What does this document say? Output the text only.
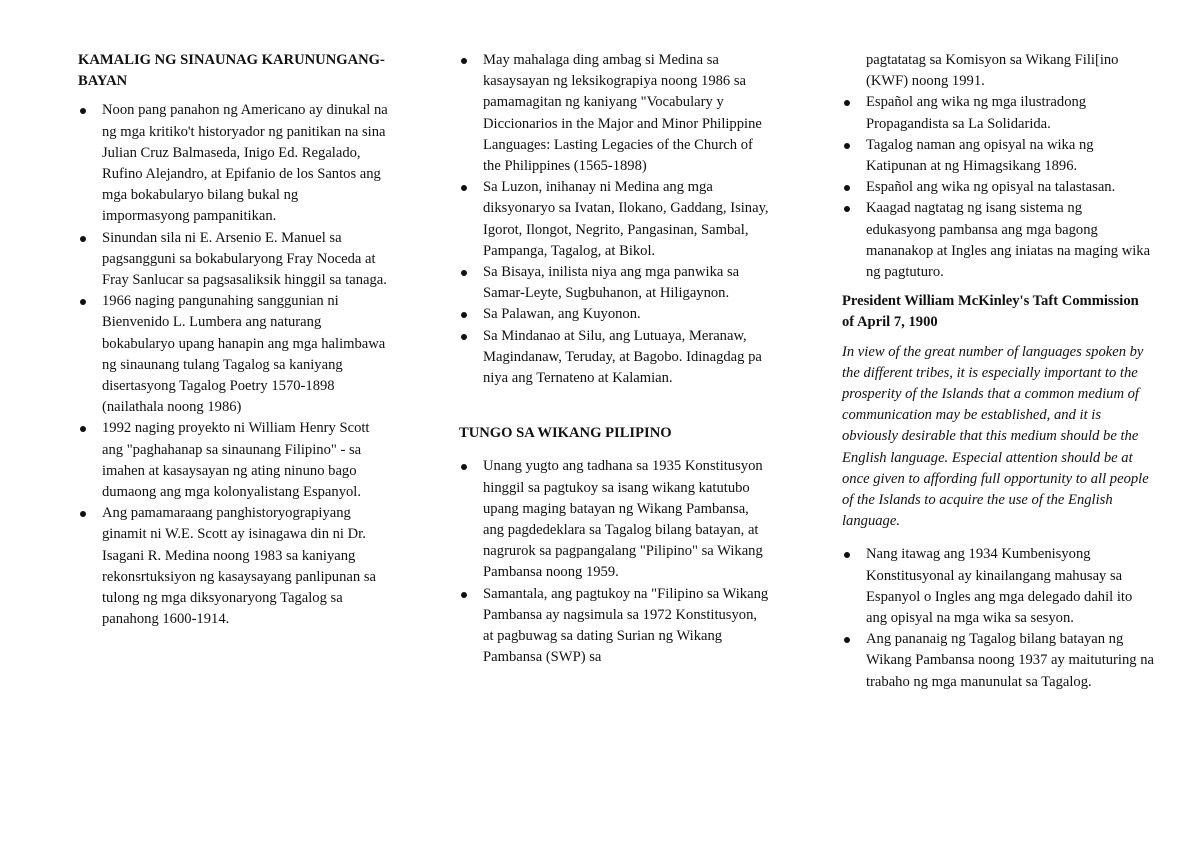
KAMALIG NG SINAUNAG KARUNUNGANG-BAYAN
Noon pang panahon ng Americano ay dinukal na ng mga kritiko't historyador ng panitikan na sina Julian Cruz Balmaseda, Inigo Ed. Regalado, Rufino Alejandro, at Epifanio de los Santos ang mga bokabularyo bilang bukal ng impormasyong pampanitikan.
Sinundan sila ni E. Arsenio E. Manuel sa pagsangguni sa bokabularyong Fray Noceda at Fray Sanlucar sa pagsasaliksik hinggil sa tanaga.
1966 naging pangunahing sanggunian ni Bienvenido L. Lumbera ang naturang bokabularyo upang hanapin ang mga halimbawa ng sinaunang tulang Tagalog sa kaniyang disertasyong Tagalog Poetry 1570-1898 (nailathala noong 1986)
1992 naging proyekto ni William Henry Scott ang "paghahanap sa sinaunang Filipino" - sa imahen at kasaysayan ng ating ninuno bago dumaong ang mga kolonyalistang Espanyol.
Ang pamamaraang panghistoryograpiyang ginamit ni W.E. Scott ay isinagawa din ni Dr. Isagani R. Medina noong 1983 sa kaniyang rekonsrtuksiyon ng kasaysayang panlipunan sa tulong ng mga diksyonaryong Tagalog sa panahong 1600-1914.
May mahalaga ding ambag si Medina sa kasaysayan ng leksikograpiya noong 1986 sa pamamagitan ng kaniyang "Vocabulary y Diccionarios in the Major and Minor Philippine Languages: Lasting Legacies of the Church of the Philippines (1565-1898)
Sa Luzon, inihanay ni Medina ang mga diksyonaryo sa Ivatan, Ilokano, Gaddang, Isinay, Igorot, Ilongot, Negrito, Pangasinan, Sambal, Pampanga, Tagalog, at Bikol.
Sa Bisaya, inilista niya ang mga panwika sa Samar-Leyte, Sugbuhanon, at Hiligaynon.
Sa Palawan, ang Kuyonon.
Sa Mindanao at Silu, ang Lutuaya, Meranaw, Magindanaw, Teruday, at Bagobo. Idinagdag pa niya ang Ternateno at Kalamian.
TUNGO SA WIKANG PILIPINO
Unang yugto ang tadhana sa 1935 Konstitusyon hinggil sa pagtukoy sa isang wikang katutubo upang maging batayan ng Wikang Pambansa, ang pagdedeklara sa Tagalog bilang batayan, at nagrurok sa pagpangalang "Pilipino" sa Wikang Pambansa noong 1959.
Samantala, ang pagtukoy na "Filipino sa Wikang Pambansa ay nagsimula sa 1972 Konstitusyon, at pagbuwag sa dating Surian ng Wikang Pambansa (SWP) sa
pagtatatag sa Komisyon sa Wikang Fili[ino (KWF) noong 1991.
Español ang wika ng mga ilustradong Propagandista sa La Solidarida.
Tagalog naman ang opisyal na wika ng Katipunan at ng Himagsikang 1896.
Español ang wika ng opisyal na talastasan.
Kaagad nagtatag ng isang sistema ng edukasyong pambansa ang mga bagong mananakop at Ingles ang iniatas na maging wika ng pagtuturo.
President William McKinley's Taft Commission of April 7, 1900

In view of the great number of languages spoken by the different tribes, it is especially important to the prosperity of the Islands that a common medium of communication may be established, and it is obviously desirable that this medium should be the English language. Especial attention should be at once given to affording full opportunity to all people of the Islands to acquire the use of the English language.

Nang itawag ang 1934 Kumbenisyong Konstitusyonal ay kinailangang mahusay sa Espanyol o Ingles ang mga delegado dahil ito ang opisyal na mga wika sa sesyon.
Ang pananaig ng Tagalog bilang batayan ng Wikang Pambansa noong 1937 ay maituturing na trabaho ng mga manunulat sa Tagalog.
